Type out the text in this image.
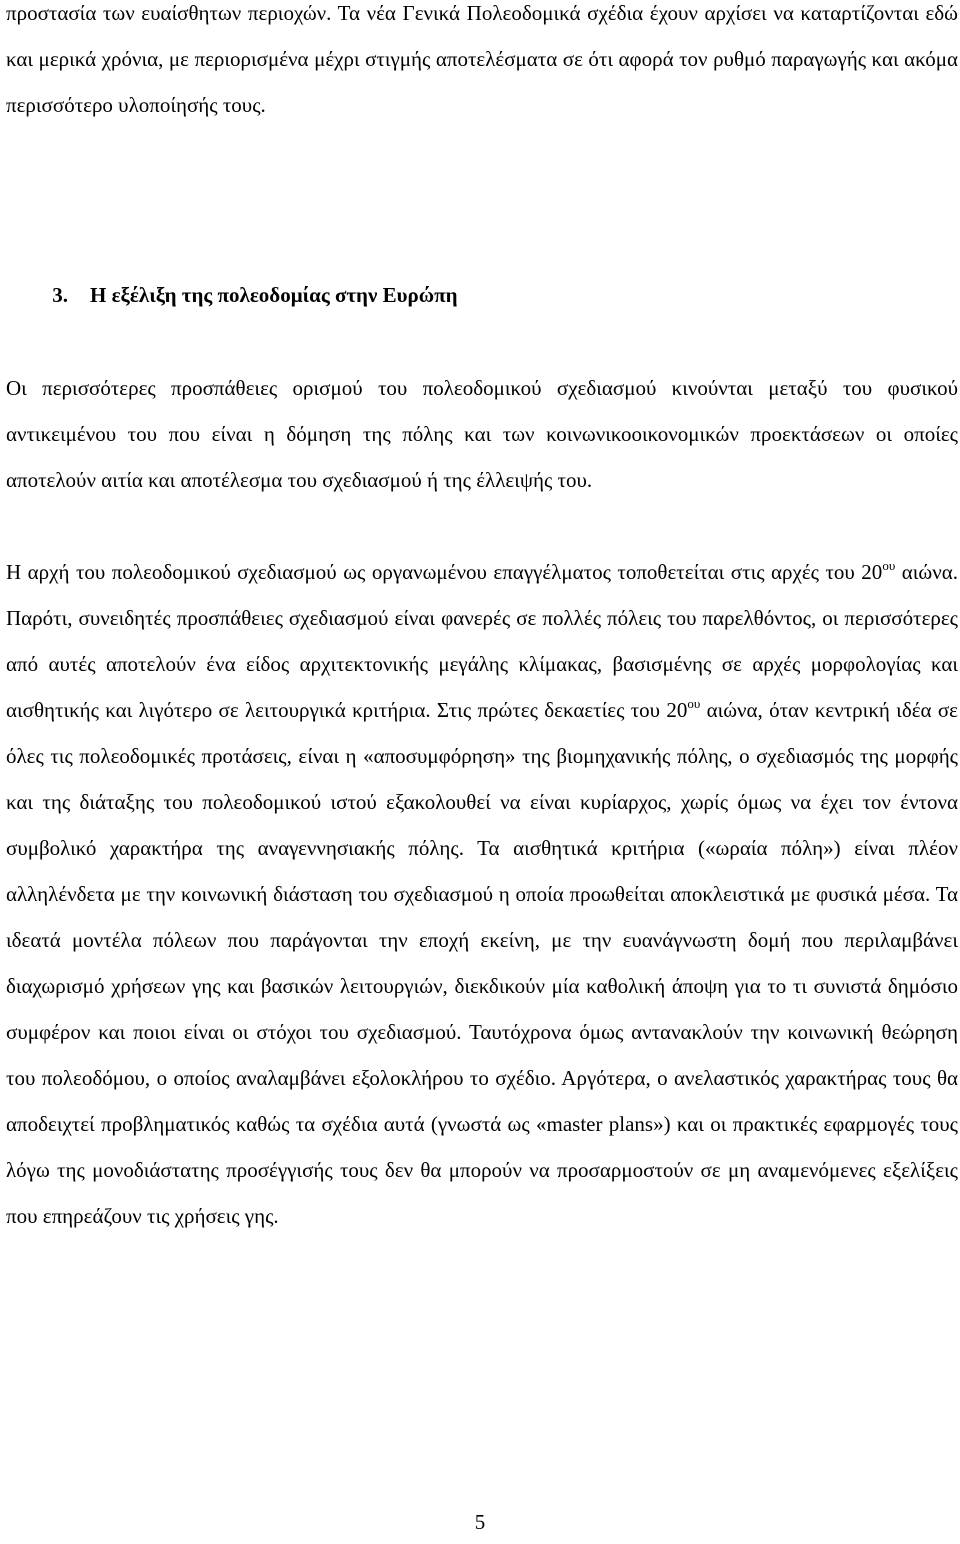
προστασία των ευαίσθητων περιοχών. Τα νέα Γενικά Πολεοδομικά σχέδια έχουν αρχίσει να καταρτίζονται εδώ και μερικά χρόνια, με περιορισμένα μέχρι στιγμής αποτελέσματα σε ότι αφορά τον ρυθμό παραγωγής και ακόμα περισσότερο υλοποίησής τους.

3. Η εξέλιξη της πολεοδομίας στην Ευρώπη

Οι περισσότερες προσπάθειες ορισμού του πολεοδομικού σχεδιασμού κινούνται μεταξύ του φυσικού αντικειμένου του που είναι η δόμηση της πόλης και των κοινωνικοοικονομικών προεκτάσεων οι οποίες αποτελούν αιτία και αποτέλεσμα του σχεδιασμού ή της έλλειψής του.

Η αρχή του πολεοδομικού σχεδιασμού ως οργανωμένου επαγγέλματος τοποθετείται στις αρχές του $20^{o\upsilon}$ αιώνα. Παρότι, συνειδητές προσπάθειες σχεδιασμού είναι φανερές σε πολλές πόλεις του παρελθόντος, οι περισσότερες από αυτές αποτελούν ένα είδος αρχιτεκτονικής μεγάλης κλίμακας, βασισμένης σε αρχές μορφολογίας και αισθητικής και λιγότερο σε λειτουργικά κριτήρια. Στις πρώτες δεκαετίες του $20^{o\upsilon}$ αιώνα, όταν κεντρική ιδέα σε όλες τις πολεοδομικές προτάσεις, είναι η «αποσυμφόρηση» της βιομηχανικής πόλης, ο σχεδιασμός της μορφής και της διάταξης του πολεοδομικού ιστού εξακολουθεί να είναι κυρίαρχος, χωρίς όμως να έχει τον έντονα συμβολικό χαρακτήρα της αναγεννησιακής πόλης. Τα αισθητικά κριτήρια («ωραία πόλη») είναι πλέον αλληλένδετα με την κοινωνική διάσταση του σχεδιασμού η οποία προωθείται αποκλειστικά με φυσικά μέσα. Τα ιδεατά μοντέλα πόλεων που παράγονται την εποχή εκείνη, με την ευανάγνωστη δομή που περιλαμβάνει διαχωρισμό χρήσεων γης και βασικών λειτουργιών, διεκδικούν μία καθολική άποψη για το τι συνιστά δημόσιο συμφέρον και ποιοι είναι οι στόχοι του σχεδιασμού. Ταυτόχρονα όμως αντανακλούν την κοινωνική θεώρηση του πολεοδόμου, ο οποίος αναλαμβάνει εξολοκλήρου το σχέδιο. Αργότερα, ο ανελαστικός χαρακτήρας τους θα αποδειχτεί προβληματικός καθώς τα σχέδια αυτά (γνωστά ως «master plans») και οι πρακτικές εφαρμογές τους λόγω της μονοδιάστατης προσέγγισής τους δεν θα μπορούν να προσαρμοστούν σε μη αναμενόμενες εξελίξεις που επηρεάζουν τις χρήσεις γης.

5
